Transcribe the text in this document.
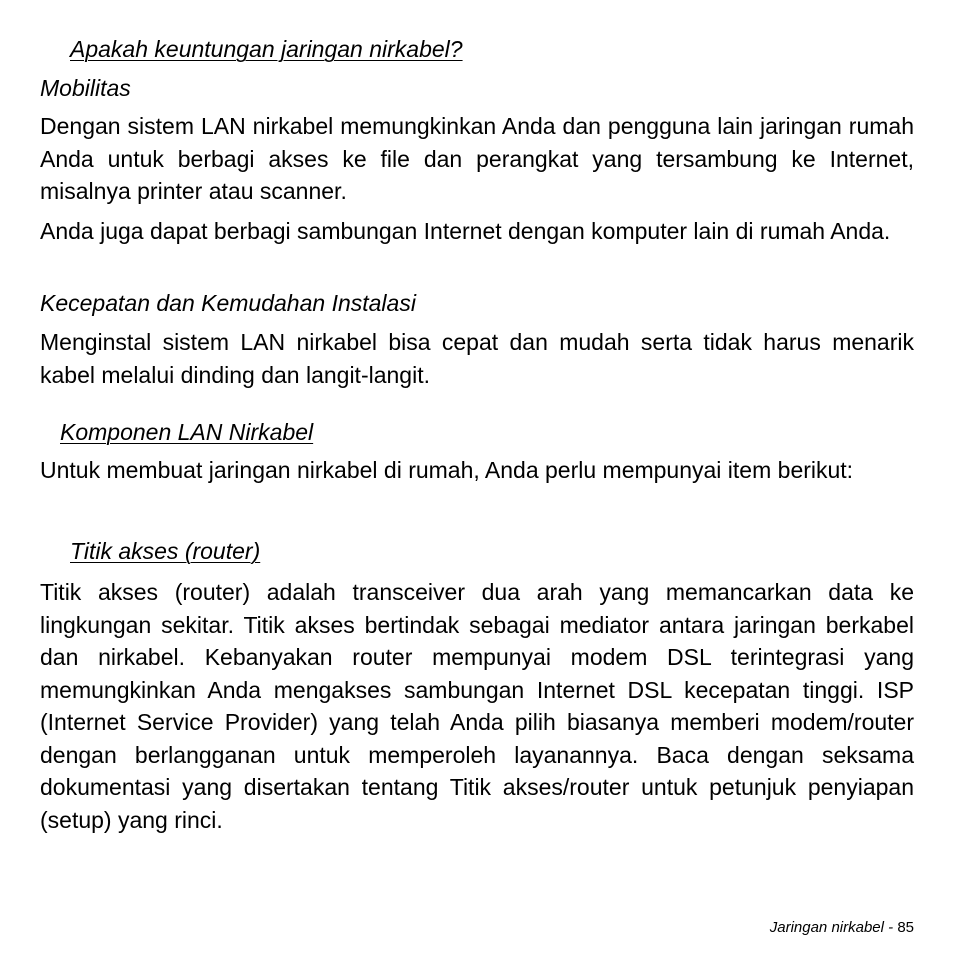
Apakah keuntungan jaringan nirkabel?
Mobilitas

Dengan sistem LAN nirkabel memungkinkan Anda dan pengguna lain jaringan rumah Anda untuk berbagi akses ke file dan perangkat yang tersambung ke Internet, misalnya printer atau scanner.

Anda juga dapat berbagi sambungan Internet dengan komputer lain di rumah Anda.

Kecepatan dan Kemudahan Instalasi

Menginstal sistem LAN nirkabel bisa cepat dan mudah serta tidak harus menarik kabel melalui dinding dan langit-langit.

Komponen LAN Nirkabel

Untuk membuat jaringan nirkabel di rumah, Anda perlu mempunyai item berikut:

Titik akses (router)

Titik akses (router) adalah transceiver dua arah yang memancarkan data ke lingkungan sekitar. Titik akses bertindak sebagai mediator antara jaringan berkabel dan nirkabel. Kebanyakan router mempunyai modem DSL terintegrasi yang memungkinkan Anda mengakses sambungan Internet DSL kecepatan tinggi. ISP (Internet Service Provider) yang telah Anda pilih biasanya memberi modem/router dengan berlangganan untuk memperoleh layanannya. Baca dengan seksama dokumentasi yang disertakan tentang Titik akses/router untuk petunjuk penyiapan (setup) yang rinci.

Jaringan nirkabel - 85
